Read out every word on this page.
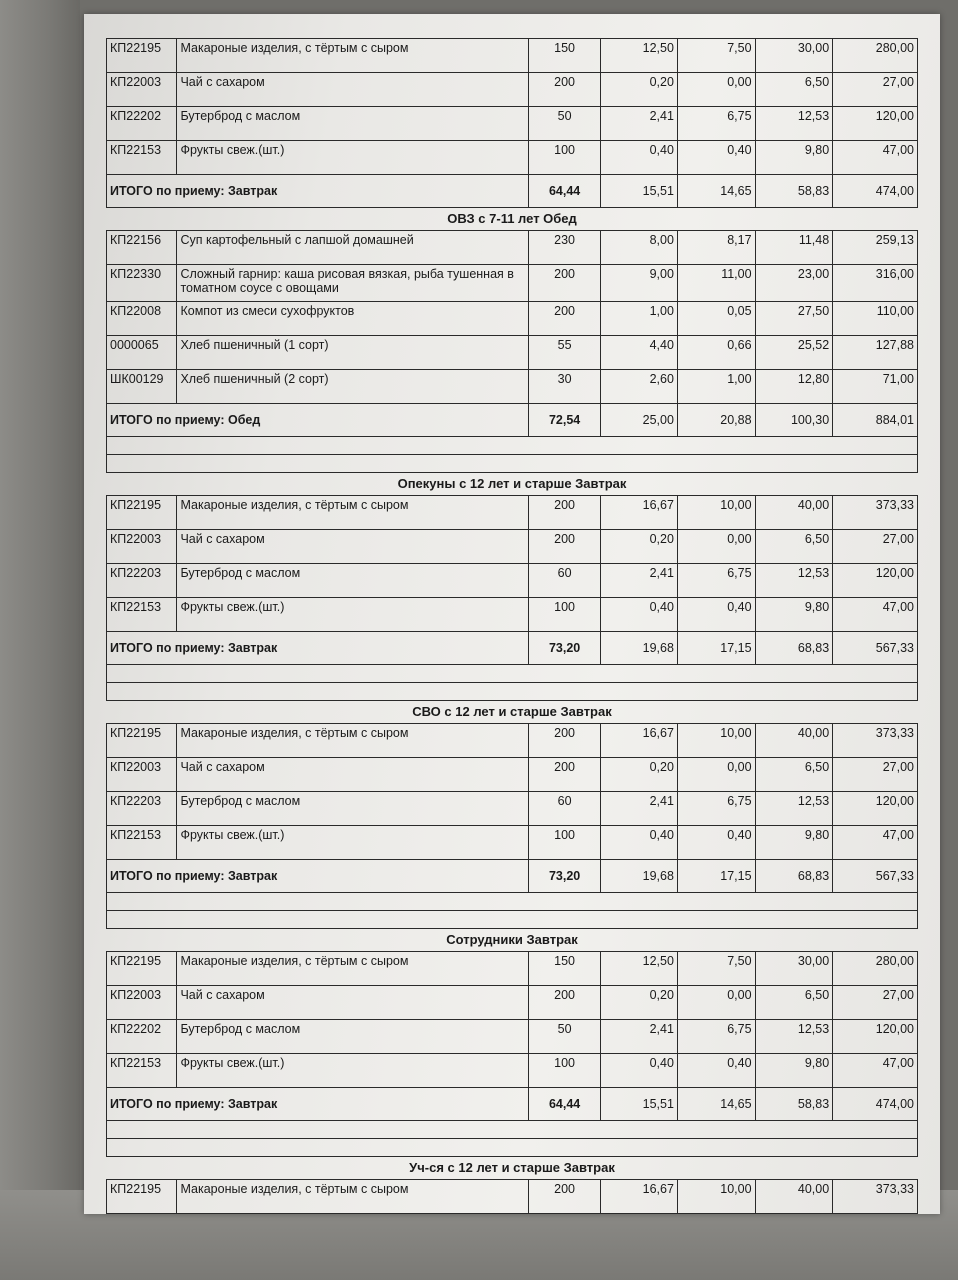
КП22195	Макароные изделия, с тёртым с сыром	150	12,50	7,50	30,00	280,00
КП22003	Чай с сахаром	200	0,20	0,00	6,50	27,00
КП22202	Бутерброд с маслом	50	2,41	6,75	12,53	120,00
КП22153	Фрукты свеж.(шт.)	100	0,40	0,40	9,80	47,00
ИТОГО по приему: Завтрак		64,44	15,51	14,65	58,83	474,00
ОВЗ с 7-11 лет Обед
КП22156	Суп картофельный с лапшой домашней	230	8,00	8,17	11,48	259,13
КП22330	Сложный гарнир: каша рисовая вязкая, рыба тушенная в томатном соусе с овощами	200	9,00	11,00	23,00	316,00
КП22008	Компот из смеси сухофруктов	200	1,00	0,05	27,50	110,00
0000065	Хлеб пшеничный (1 сорт)	55	4,40	0,66	25,52	127,88
ШК00129	Хлеб пшеничный (2 сорт)	30	2,60	1,00	12,80	71,00
ИТОГО по приему: Обед		72,54	25,00	20,88	100,30	884,01

Опекуны с 12 лет и старше Завтрак
КП22195	Макароные изделия, с тёртым с сыром	200	16,67	10,00	40,00	373,33
КП22003	Чай с сахаром	200	0,20	0,00	6,50	27,00
КП22203	Бутерброд с маслом	60	2,41	6,75	12,53	120,00
КП22153	Фрукты свеж.(шт.)	100	0,40	0,40	9,80	47,00
ИТОГО по приему: Завтрак		73,20	19,68	17,15	68,83	567,33

СВО с 12 лет и старше Завтрак
КП22195	Макароные изделия, с тёртым с сыром	200	16,67	10,00	40,00	373,33
КП22003	Чай с сахаром	200	0,20	0,00	6,50	27,00
КП22203	Бутерброд с маслом	60	2,41	6,75	12,53	120,00
КП22153	Фрукты свеж.(шт.)	100	0,40	0,40	9,80	47,00
ИТОГО по приему: Завтрак		73,20	19,68	17,15	68,83	567,33

Сотрудники Завтрак
КП22195	Макароные изделия, с тёртым с сыром	150	12,50	7,50	30,00	280,00
КП22003	Чай с сахаром	200	0,20	0,00	6,50	27,00
КП22202	Бутерброд с маслом	50	2,41	6,75	12,53	120,00
КП22153	Фрукты свеж.(шт.)	100	0,40	0,40	9,80	47,00
ИТОГО по приему: Завтрак		64,44	15,51	14,65	58,83	474,00

Уч-ся с 12 лет и старше Завтрак
КП22195	Макароные изделия, с тёртым с сыром	200	16,67	10,00	40,00	373,33
